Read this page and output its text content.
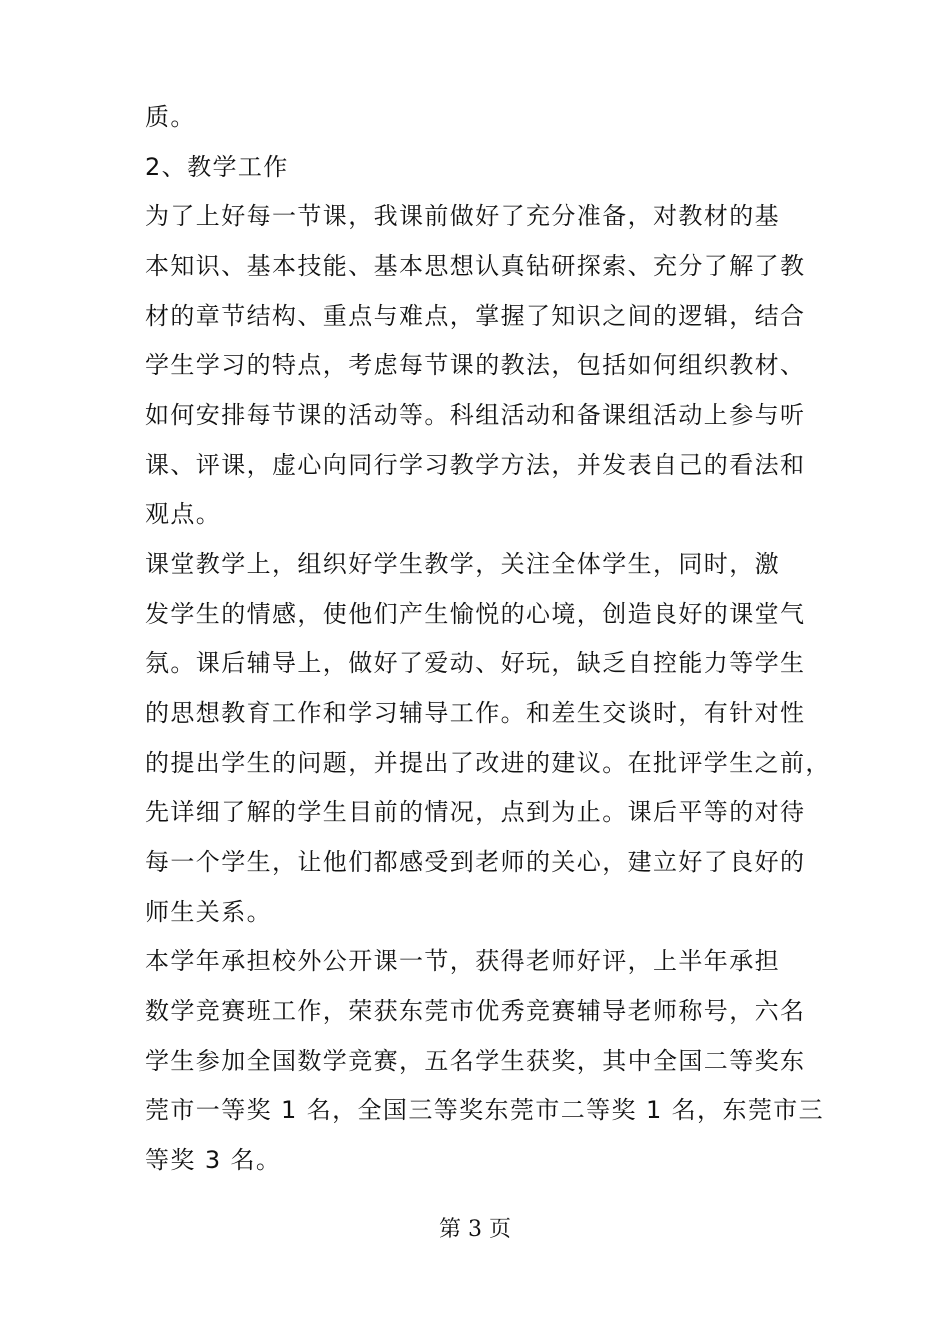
质。
2、教学工作
为了上好每一节课，我课前做好了充分准备，对教材的基
本知识、基本技能、基本思想认真钻研探索、充分了解了教
材的章节结构、重点与难点，掌握了知识之间的逻辑，结合
学生学习的特点，考虑每节课的教法，包括如何组织教材、
如何安排每节课的活动等。科组活动和备课组活动上参与听
课、评课，虚心向同行学习教学方法，并发表自己的看法和
观点。
课堂教学上，组织好学生教学，关注全体学生，同时，激
发学生的情感，使他们产生愉悦的心境，创造良好的课堂气
氛。课后辅导上，做好了爱动、好玩，缺乏自控能力等学生
的思想教育工作和学习辅导工作。和差生交谈时，有针对性
的提出学生的问题，并提出了改进的建议。在批评学生之前，
先详细了解的学生目前的情况，点到为止。课后平等的对待
每一个学生，让他们都感受到老师的关心，建立好了良好的
师生关系。
本学年承担校外公开课一节，获得老师好评，上半年承担
数学竞赛班工作，荣获东莞市优秀竞赛辅导老师称号，六名
学生参加全国数学竞赛，五名学生获奖，其中全国二等奖东
莞市一等奖 1 名，全国三等奖东莞市二等奖 1 名，东莞市三
等奖 3 名。
第 3 页
